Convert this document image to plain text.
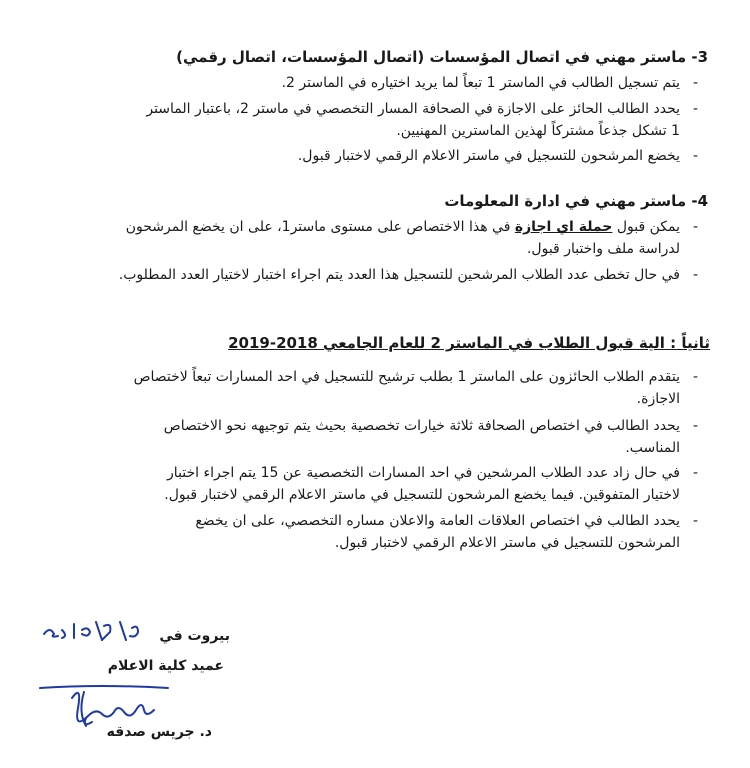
3- ماستر مهني في اتصال المؤسسات (اتصال المؤسسات، اتصال رقمي)
-
يتم تسجيل الطالب في الماستر 1 تبعاً لما يريد اختياره في الماستر 2.
-
يحدد الطالب الحائز على الاجازة في الصحافة المسار التخصصي في ماستر 2، باعتبار الماستر
1 تشكل جذعاً مشتركاً لهذين الماسترين المهنيين.
-
يخضع المرشحون للتسجيل في ماستر الاعلام الرقمي لاختبار قبول.
4- ماستر مهني في ادارة المعلومات
-
يمكن قبول حملة اي اجازة في هذا الاختصاص على مستوى ماستر1، على ان يخضع المرشحون
لدراسة ملف واختبار قبول.
-
في حال تخطى عدد الطلاب المرشحين للتسجيل هذا العدد يتم اجراء اختبار لاختيار العدد المطلوب.
ثانياً : الية قبول الطلاب في الماستر 2 للعام الجامعي 2018-2019
-
يتقدم الطلاب الحائزون على الماستر 1 بطلب ترشيح للتسجيل في احد المسارات تبعاً لاختصاص
الاجازة.
-
يحدد الطالب في اختصاص الصحافة ثلاثة خيارات تخصصية بحيث يتم توجيهه نحو الاختصاص
المناسب.
-
في حال زاد عدد الطلاب المرشحين في احد المسارات التخصصية عن 15 يتم اجراء اختبار
لاختيار المتفوقين. فيما يخضع المرشحون للتسجيل في ماستر الاعلام الرقمي لاختبار قبول.
-
يحدد الطالب في اختصاص العلاقات العامة والاعلان مساره التخصصي، على ان يخضع
المرشحون للتسجيل في ماستر الاعلام الرقمي لاختبار قبول.
بيروت في
عميد كلية الاعلام
د. جريس صدقه
